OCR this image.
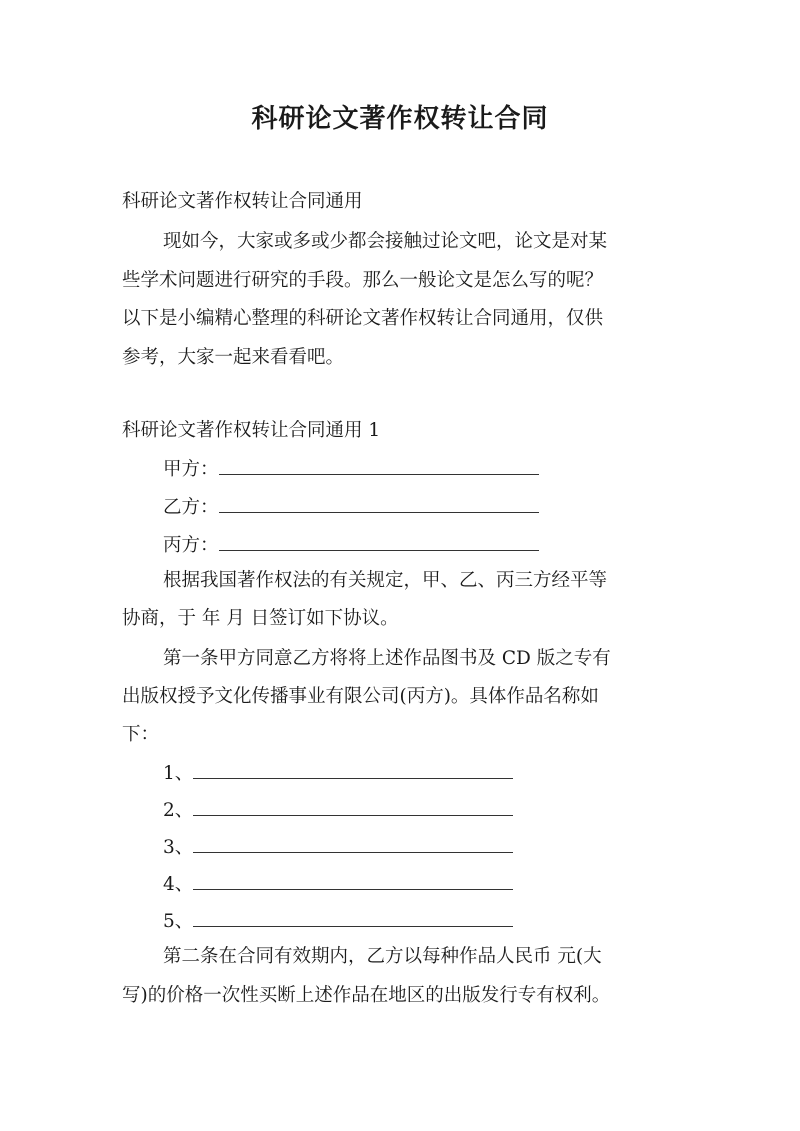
科研论文著作权转让合同
科研论文著作权转让合同通用
现如今，大家或多或少都会接触过论文吧，论文是对某
些学术问题进行研究的手段。那么一般论文是怎么写的呢？
以下是小编精心整理的科研论文著作权转让合同通用，仅供
参考，大家一起来看看吧。
科研论文著作权转让合同通用 1
甲方：
乙方：
丙方：
根据我国著作权法的有关规定，甲、乙、丙三方经平等
协商，于 年 月 日签订如下协议。
第一条甲方同意乙方将将上述作品图书及 CD 版之专有
出版权授予文化传播事业有限公司(丙方)。具体作品名称如
下：
1、
2、
3、
4、
5、
第二条在合同有效期内，乙方以每种作品人民币 元(大
写)的价格一次性买断上述作品在地区的出版发行专有权利。
